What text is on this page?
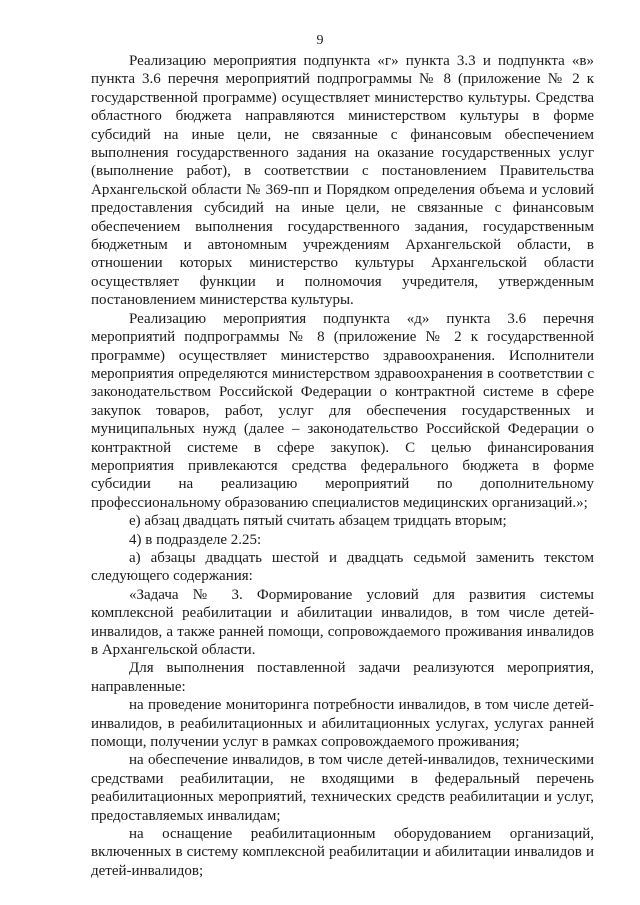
9

Реализацию мероприятия подпункта «г» пункта 3.3 и подпункта «в» пункта 3.6 перечня мероприятий подпрограммы № 8 (приложение № 2 к государственной программе) осуществляет министерство культуры. Средства областного бюджета направляются министерством культуры в форме субсидий на иные цели, не связанные с финансовым обеспечением выполнения государственного задания на оказание государственных услуг (выполнение работ), в соответствии с постановлением Правительства Архангельской области № 369-пп и Порядком определения объема и условий предоставления субсидий на иные цели, не связанные с финансовым обеспечением выполнения государственного задания, государственным бюджетным и автономным учреждениям Архангельской области, в отношении которых министерство культуры Архангельской области осуществляет функции и полномочия учредителя, утвержденным постановлением министерства культуры.

Реализацию мероприятия подпункта «д» пункта 3.6 перечня мероприятий подпрограммы № 8 (приложение № 2 к государственной программе) осуществляет министерство здравоохранения. Исполнители мероприятия определяются министерством здравоохранения в соответствии с законодательством Российской Федерации о контрактной системе в сфере закупок товаров, работ, услуг для обеспечения государственных и муниципальных нужд (далее – законодательство Российской Федерации о контрактной системе в сфере закупок). С целью финансирования мероприятия привлекаются средства федерального бюджета в форме субсидии на реализацию мероприятий по дополнительному профессиональному образованию специалистов медицинских организаций.»;

е) абзац двадцать пятый считать абзацем тридцать вторым;

4) в подразделе 2.25:

а) абзацы двадцать шестой и двадцать седьмой заменить текстом следующего содержания:

«Задача № 3. Формирование условий для развития системы комплексной реабилитации и абилитации инвалидов, в том числе детей-инвалидов, а также ранней помощи, сопровождаемого проживания инвалидов в Архангельской области.

Для выполнения поставленной задачи реализуются мероприятия, направленные:

на проведение мониторинга потребности инвалидов, в том числе детей-инвалидов, в реабилитационных и абилитационных услугах, услугах ранней помощи, получении услуг в рамках сопровождаемого проживания;

на обеспечение инвалидов, в том числе детей-инвалидов, техническими средствами реабилитации, не входящими в федеральный перечень реабилитационных мероприятий, технических средств реабилитации и услуг, предоставляемых инвалидам;

на оснащение реабилитационным оборудованием организаций, включенных в систему комплексной реабилитации и абилитации инвалидов и детей-инвалидов;
